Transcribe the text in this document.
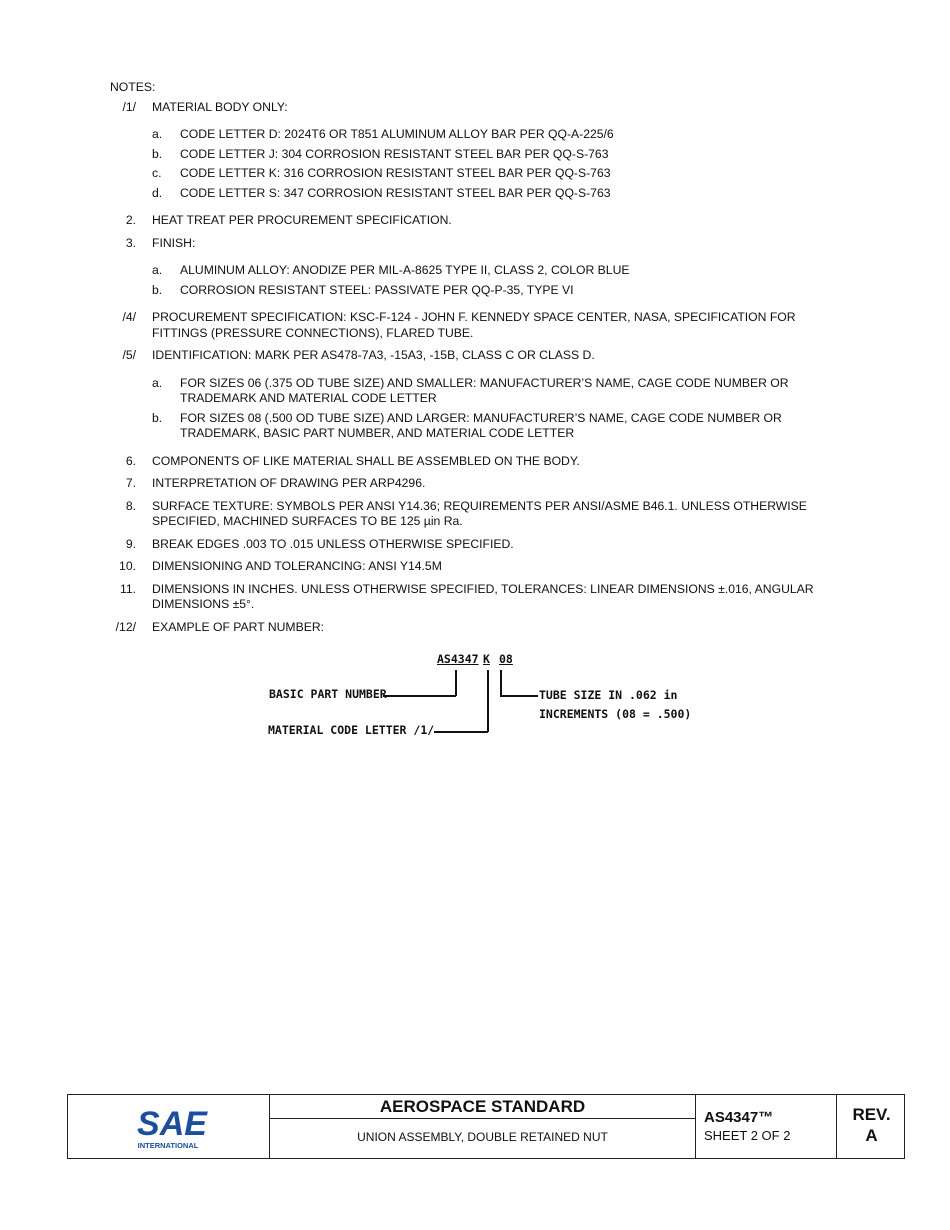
NOTES:
/1/ MATERIAL BODY ONLY:
a. CODE LETTER D: 2024T6 OR T851 ALUMINUM ALLOY BAR PER QQ-A-225/6
b. CODE LETTER J: 304 CORROSION RESISTANT STEEL BAR PER QQ-S-763
c. CODE LETTER K: 316 CORROSION RESISTANT STEEL BAR PER QQ-S-763
d. CODE LETTER S: 347 CORROSION RESISTANT STEEL BAR PER QQ-S-763
2. HEAT TREAT PER PROCUREMENT SPECIFICATION.
3. FINISH:
a. ALUMINUM ALLOY: ANODIZE PER MIL-A-8625 TYPE II, CLASS 2, COLOR BLUE
b. CORROSION RESISTANT STEEL: PASSIVATE PER QQ-P-35, TYPE VI
/4/ PROCUREMENT SPECIFICATION: KSC-F-124 - JOHN F. KENNEDY SPACE CENTER, NASA, SPECIFICATION FOR FITTINGS (PRESSURE CONNECTIONS), FLARED TUBE.
/5/ IDENTIFICATION: MARK PER AS478-7A3, -15A3, -15B, CLASS C OR CLASS D.
a. FOR SIZES 06 (.375 OD TUBE SIZE) AND SMALLER: MANUFACTURER’S NAME, CAGE CODE NUMBER OR TRADEMARK AND MATERIAL CODE LETTER
b. FOR SIZES 08 (.500 OD TUBE SIZE) AND LARGER: MANUFACTURER’S NAME, CAGE CODE NUMBER OR TRADEMARK, BASIC PART NUMBER, AND MATERIAL CODE LETTER
6. COMPONENTS OF LIKE MATERIAL SHALL BE ASSEMBLED ON THE BODY.
7. INTERPRETATION OF DRAWING PER ARP4296.
8. SURFACE TEXTURE: SYMBOLS PER ANSI Y14.36; REQUIREMENTS PER ANSI/ASME B46.1. UNLESS OTHERWISE SPECIFIED, MACHINED SURFACES TO BE 125 µin Ra.
9. BREAK EDGES .003 TO .015 UNLESS OTHERWISE SPECIFIED.
10. DIMENSIONING AND TOLERANCING: ANSI Y14.5M
11. DIMENSIONS IN INCHES. UNLESS OTHERWISE SPECIFIED, TOLERANCES: LINEAR DIMENSIONS ±.016, ANGULAR DIMENSIONS ±5°.
/12/ EXAMPLE OF PART NUMBER:
AS4347 K 08
BASIC PART NUMBER
MATERIAL CODE LETTER /1/
TUBE SIZE IN .062 in
INCREMENTS (08 = .500)
SAE
INTERNATIONAL
AEROSPACE STANDARD
UNION ASSEMBLY, DOUBLE RETAINED NUT
AS4347™
SHEET 2 OF 2
REV.
A
